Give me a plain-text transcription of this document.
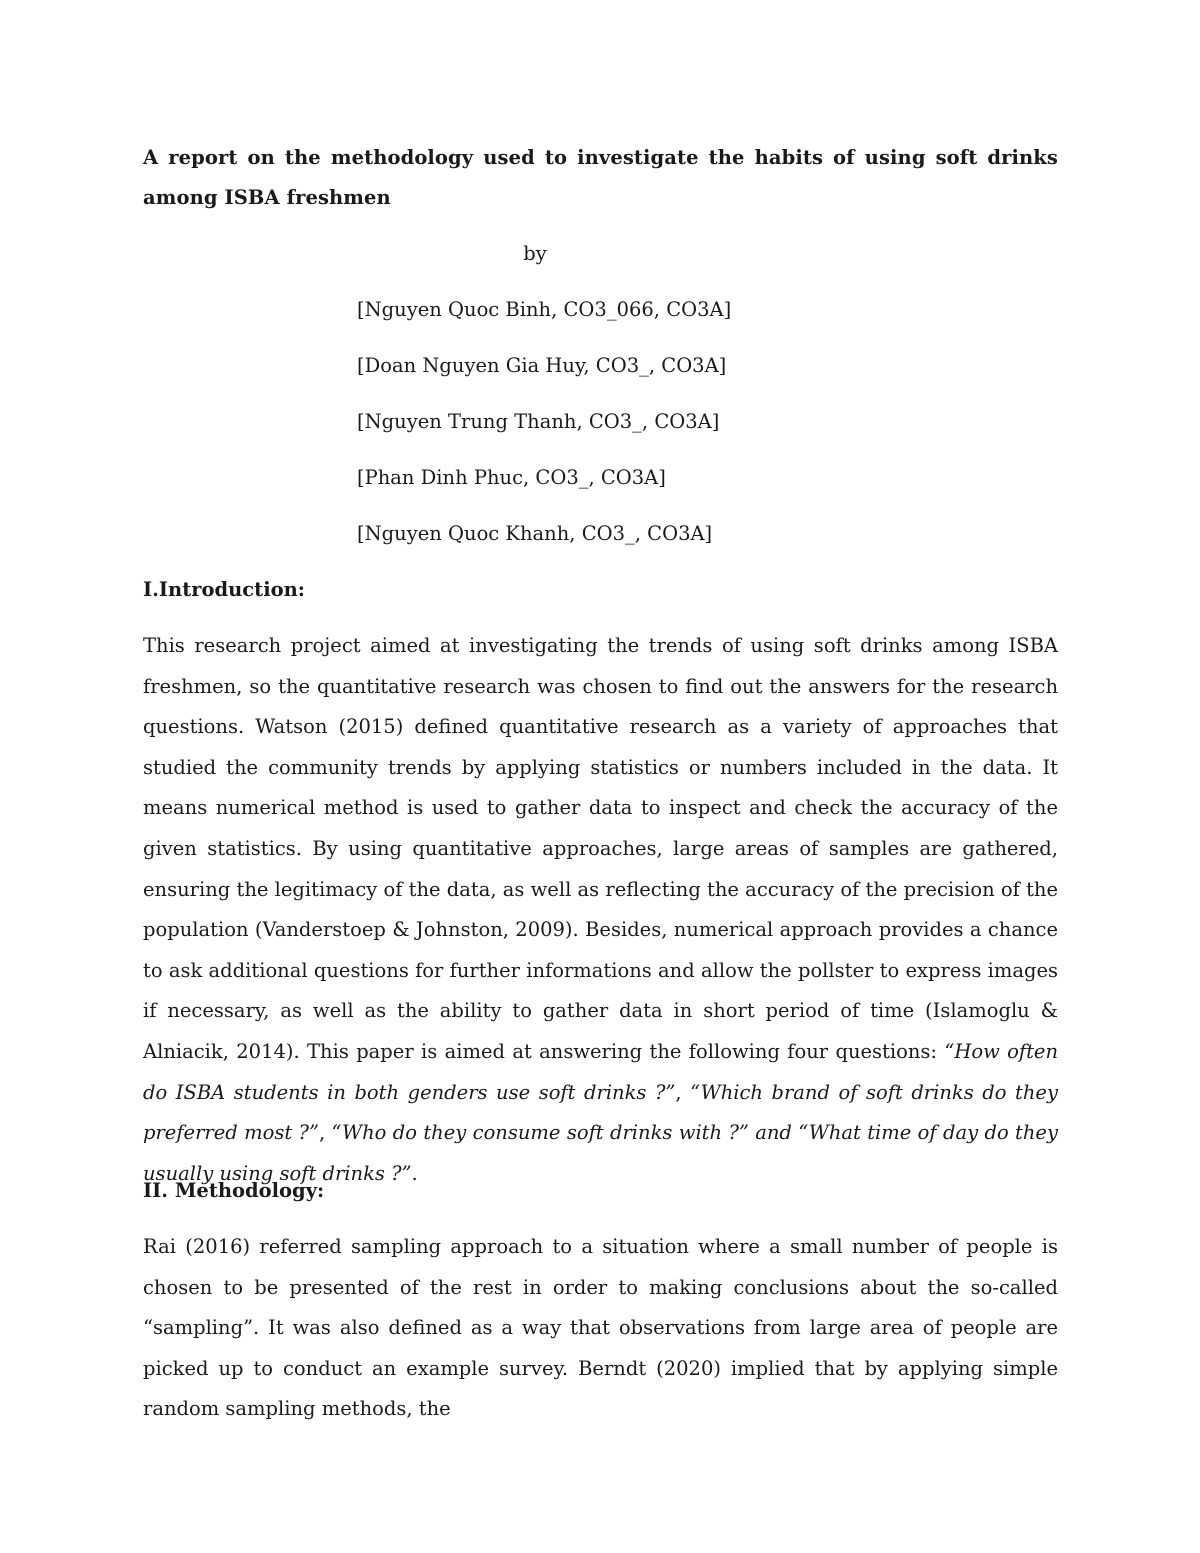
A report on the methodology used to investigate the habits of using soft drinks among ISBA freshmen
by
[Nguyen Quoc Binh, CO3_066, CO3A]
[Doan Nguyen Gia Huy, CO3_, CO3A]
[Nguyen Trung Thanh, CO3_, CO3A]
[Phan Dinh Phuc, CO3_, CO3A]
[Nguyen Quoc Khanh, CO3_, CO3A]
I.Introduction:

This research project aimed at investigating the trends of using soft drinks among ISBA freshmen, so the quantitative research was chosen to find out the answers for the research questions. Watson (2015) defined quantitative research as a variety of approaches that studied the community trends by applying statistics or numbers included in the data. It means numerical method is used to gather data to inspect and check the accuracy of the given statistics. By using quantitative approaches, large areas of samples are gathered, ensuring the legitimacy of the data, as well as reflecting the accuracy of the precision of the population (Vanderstoep & Johnston, 2009). Besides, numerical approach provides a chance to ask additional questions for further informations and allow the pollster to express images if necessary, as well as the ability to gather data in short period of time (Islamoglu & Alniacik, 2014). This paper is aimed at answering the following four questions: “How often do ISBA students in both genders use soft drinks ?”, “Which brand of soft drinks do they preferred most ?”, “Who do they consume soft drinks with ?” and “What time of day do they usually using soft drinks ?”.

II. Methodology:

Rai (2016) referred sampling approach to a situation where a small number of people is chosen to be presented of the rest in order to making conclusions about the so-called “sampling”. It was also defined as a way that observations from large area of people are picked up to conduct an example survey. Berndt (2020) implied that by applying simple random sampling methods, the
